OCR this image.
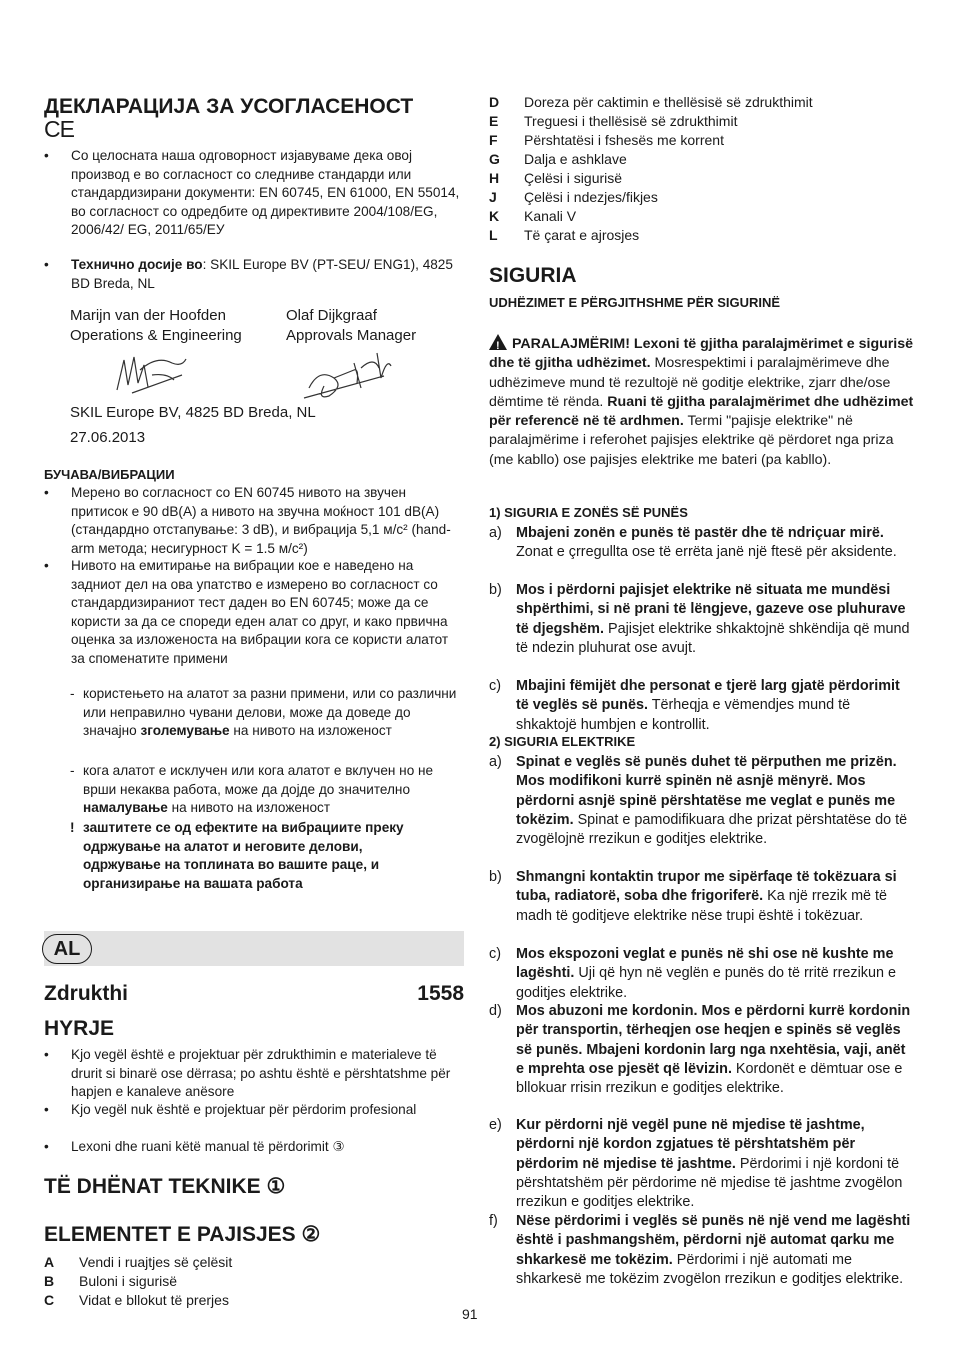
ДЕКЛАРАЦИЈА ЗА УСОГЛАСЕНОСТ
CE
• Со целосната наша одговорност изјавуваме дека овој производ е во согласност со следниве стандарди или стандардизирани документи: EN 60745, EN 61000, EN 55014, во согласност со одредбите од директивите 2004/108/EG, 2006/42/ EG, 2011/65/ЕУ
• Технично досије во: SKIL Europe BV (PT-SEU/ ENG1), 4825 BD Breda, NL
Marijn van der Hoofden
Operations & Engineering
Olaf Dijkgraaf
Approvals Manager
SKIL Europe BV, 4825 BD Breda, NL
27.06.2013
БУЧАВА/ВИБРАЦИИ
• Мерено во согласност со EN 60745 нивото на звучен притисок е 90 dB(A) а нивото на звучна моќност 101 dB(A) (стандардно отстапување: 3 dB), и вибрација 5,1 м/с² (hand-arm метода; несигурност K = 1.5 м/с²)
• Нивото на емитирање на вибрации кое е наведено на задниот дел на ова упатство е измерено во согласност со стандардизираниот тест даден во EN 60745; може да се користи за да се спореди еден алат со друг, и како првична оценка за изложеноста на вибрации кога се користи алатот за споменатите примени
- користењето на алатот за разни примени, или со различни или неправилно чувани делови, може да доведе до значајно зголемување на нивото на изложеност
- кога алатот е исклучен или кога алатот е вклучен но не врши некаква работа, може да дојде до значително намалување на нивото на изложеност
! заштитете се од ефектите на вибрациите преку одржување на алатот и неговите делови, одржување на топлината во вашите раце, и организирање на вашата работа
AL
Zdrukthi	1558
HYRJE
• Kjo vegël është e projektuar për zdrukthimin e materialeve të drurit si binarë ose dërrasa; po ashtu është e përshtatshme për hapjen e kanaleve anësore
• Kjo vegël nuk është e projektuar për përdorim profesional
• Lexoni dhe ruani këtë manual të përdorimit ③
TË DHËNAT TEKNIKE ①
ELEMENTET E PAJISJES ②
A Vendi i ruajtjes së çelësit
B Buloni i sigurisë
C Vidat e bllokut të prerjes
D Doreza për caktimin e thellësisë së zdrukthimit
E Treguesi i thellësisë së zdrukthimit
F Përshtatësi i fshesës me korrent
G Dalja e ashklave
H Çelësi i sigurisë
J Çelësi i ndezjes/fikjes
K Kanali V
L Të çarat e ajrosjes
SIGURIA
UDHËZIMET E PËRGJITHSHME PËR SIGURINË
! PARALAJMËRIM! Lexoni të gjitha paralajmërimet e sigurisë dhe të gjitha udhëzimet. Mosrespektimi i paralajmërimeve dhe udhëzimeve mund të rezultojë në goditje elektrike, zjarr dhe/ose dëmtime të rënda. Ruani të gjitha paralajmërimet dhe udhëzimet për referencë në të ardhmen. Termi "pajisje elektrike" në paralajmërime i referohet pajisjes elektrike që përdoret nga priza (me kabllo) ose pajisjes elektrike me bateri (pa kabllo).
1) SIGURIA E ZONËS SË PUNËS
a) Mbajeni zonën e punës të pastër dhe të ndriçuar mirë. Zonat e çrregullta ose të errëta janë një ftesë për aksidente.
b) Mos i përdorni pajisjet elektrike në situata me mundësi shpërthimi, si në prani të lëngjeve, gazeve ose pluhurave të djegshëm. Pajisjet elektrike shkaktojnë shkëndija që mund të ndezin pluhurat ose avujt.
c) Mbajini fëmijët dhe personat e tjerë larg gjatë përdorimit të veglës së punës. Tërheqja e vëmendjes mund të shkaktojë humbjen e kontrollit.
2) SIGURIA ELEKTRIKE
a) Spinat e veglës së punës duhet të përputhen me prizën. Mos modifikoni kurrë spinën në asnjë mënyrë. Mos përdorni asnjë spinë përshtatëse me veglat e punës me tokëzim. Spinat e pamodifikuara dhe prizat përshtatëse do të zvogëlojnë rrezikun e goditjes elektrike.
b) Shmangni kontaktin trupor me sipërfaqe të tokëzuara si tuba, radiatorë, soba dhe frigoriferë. Ka një rrezik më të madh të goditjeve elektrike nëse trupi është i tokëzuar.
c) Mos ekspozoni veglat e punës në shi ose në kushte me lagështi. Uji që hyn në veglën e punës do të rritë rrezikun e goditjes elektrike.
d) Mos abuzoni me kordonin. Mos e përdorni kurrë kordonin për transportin, tërheqjen ose heqjen e spinës së veglës së punës. Mbajeni kordonin larg nga nxehtësia, vaji, anët e mprehta ose pjesët që lëvizin. Kordonët e dëmtuar ose e bllokuar rrisin rrezikun e goditjes elektrike.
e) Kur përdorni një vegël pune në mjedise të jashtme, përdorni një kordon zgjatues të përshtatshëm për përdorim në mjedise të jashtme. Përdorimi i një kordoni të përshtatshëm për përdorime në mjedise të jashtme zvogëlon rrezikun e goditjes elektrike.
f) Nëse përdorimi i veglës së punës në një vend me lagështi është i pashmangshëm, përdorni një automat qarku me shkarkesë me tokëzim. Përdorimi i një automati me shkarkesë me tokëzim zvogëlon rrezikun e goditjes elektrike.
91
